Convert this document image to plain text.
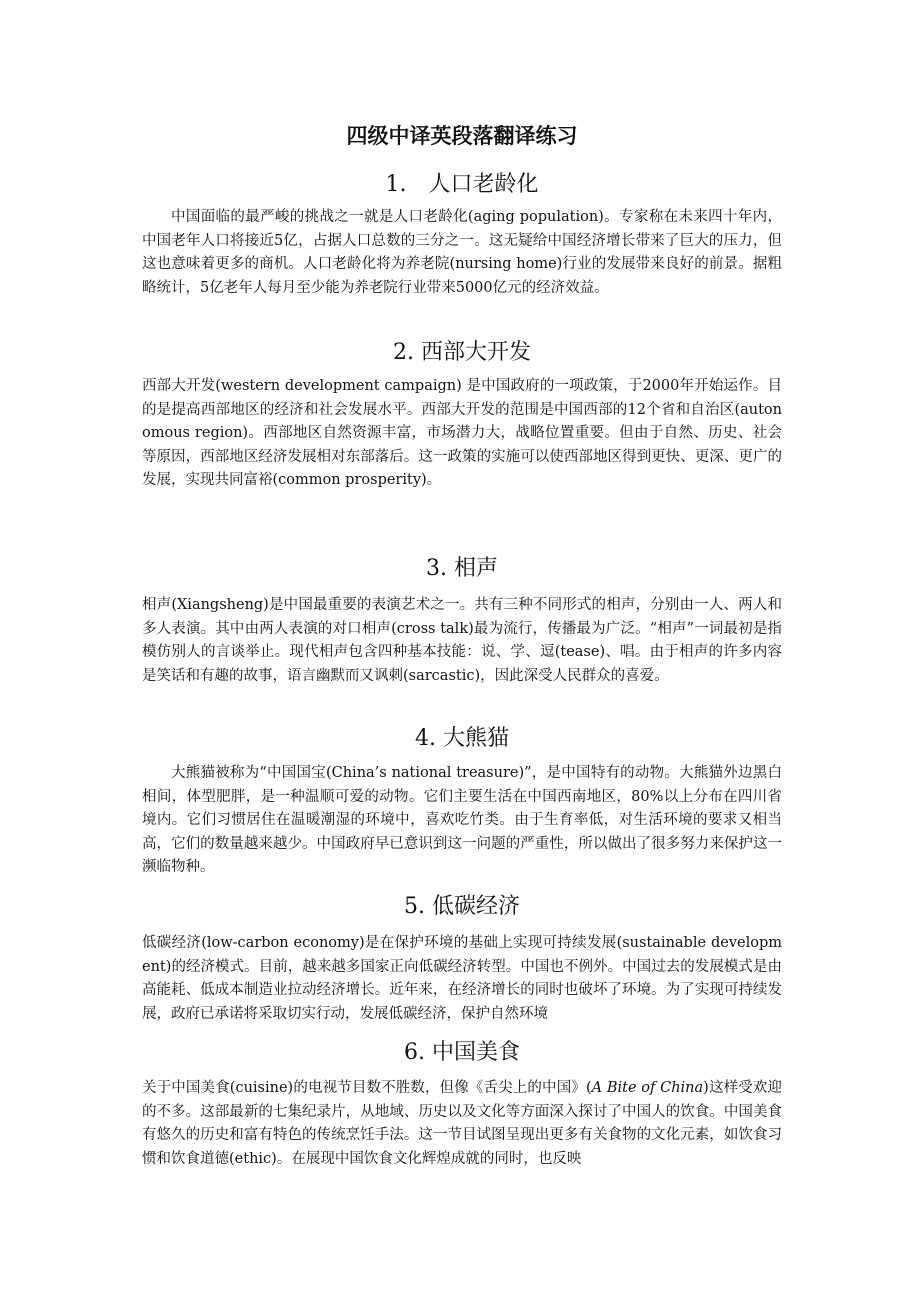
四级中译英段落翻译练习
1.　人口老龄化

中国面临的最严峻的挑战之一就是人口老龄化(aging population)。专家称在未来四十年内，中国老年人口将接近5亿，占据人口总数的三分之一。这无疑给中国经济增长带来了巨大的压力，但这也意味着更多的商机。人口老龄化将为养老院(nursing home)行业的发展带来良好的前景。据粗略统计，5亿老年人每月至少能为养老院行业带来5000亿元的经济效益。

2. 西部大开发

西部大开发(western development campaign) 是中国政府的一项政策，于2000年开始运作。目的是提高西部地区的经济和社会发展水平。西部大开发的范围是中国西部的12个省和自治区(autonomous region)。西部地区自然资源丰富，市场潜力大，战略位置重要。但由于自然、历史、社会等原因，西部地区经济发展相对东部落后。这一政策的实施可以使西部地区得到更快、更深、更广的发展，实现共同富裕(common prosperity)。

3. 相声

相声(Xiangsheng)是中国最重要的表演艺术之一。共有三种不同形式的相声，分别由一人、两人和多人表演。其中由两人表演的对口相声(cross talk)最为流行，传播最为广泛。“相声”一词最初是指模仿别人的言谈举止。现代相声包含四种基本技能：说、学、逗(tease)、唱。由于相声的许多内容是笑话和有趣的故事，语言幽默而又讽刺(sarcastic)，因此深受人民群众的喜爱。

4. 大熊猫

大熊猫被称为“中国国宝(China’s national treasure)”，是中国特有的动物。大熊猫外边黑白相间，体型肥胖，是一种温顺可爱的动物。它们主要生活在中国西南地区，80%以上分布在四川省境内。它们习惯居住在温暖潮湿的环境中，喜欢吃竹类。由于生育率低，对生活环境的要求又相当高，它们的数量越来越少。中国政府早已意识到这一问题的严重性，所以做出了很多努力来保护这一濒临物种。

5. 低碳经济

低碳经济(low-carbon economy)是在保护环境的基础上实现可持续发展(sustainable development)的经济模式。目前，越来越多国家正向低碳经济转型。中国也不例外。中国过去的发展模式是由高能耗、低成本制造业拉动经济增长。近年来，在经济增长的同时也破坏了环境。为了实现可持续发展，政府已承诺将采取切实行动，发展低碳经济，保护自然环境

6. 中国美食

关于中国美食(cuisine)的电视节目数不胜数，但像《舌尖上的中国》(A Bite of China)这样受欢迎的不多。这部最新的七集纪录片，从地域、历史以及文化等方面深入探讨了中国人的饮食。中国美食有悠久的历史和富有特色的传统烹饪手法。这一节目试图呈现出更多有关食物的文化元素，如饮食习惯和饮食道德(ethic)。在展现中国饮食文化辉煌成就的同时，也反映
